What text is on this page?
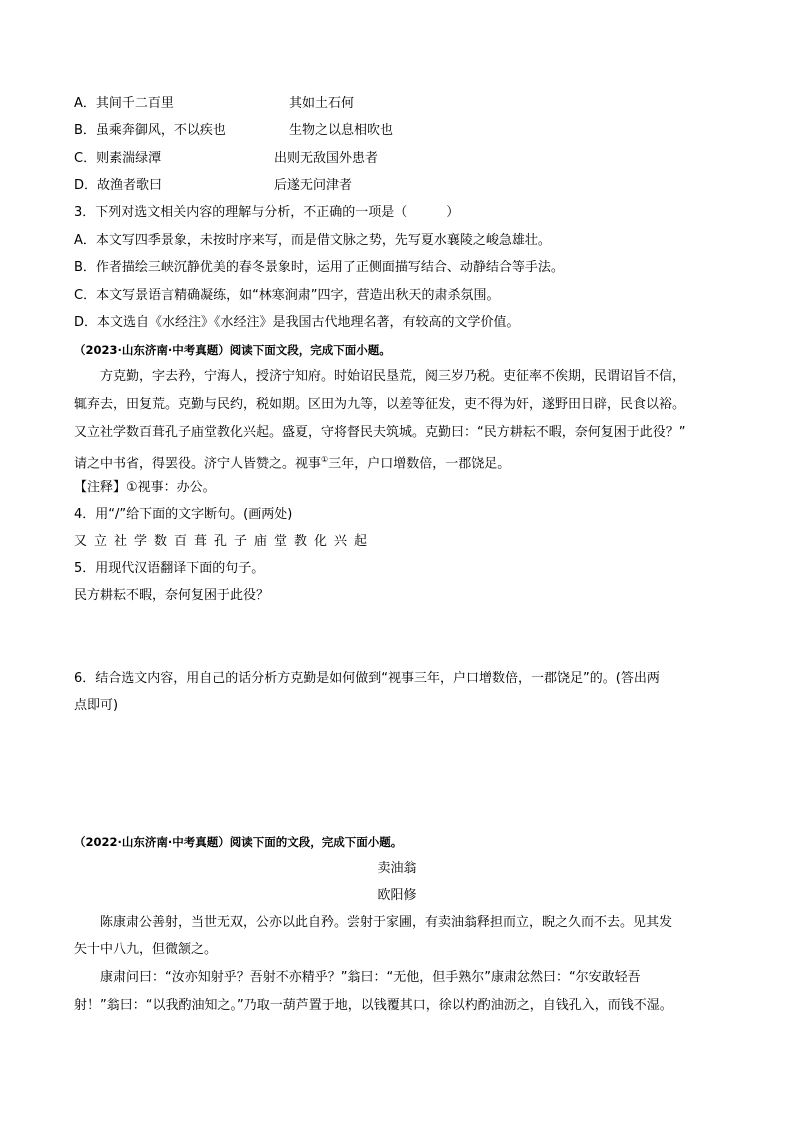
A．其间千二百里	其如土石何
B．虽乘奔御风，不以疾也	生物之以息相吹也
C．则素湍绿潭	出则无敌国外患者
D．故渔者歌曰	后遂无问津者
3．下列对选文相关内容的理解与分析，不正确的一项是（　　　）
A．本文写四季景象，未按时序来写，而是借文脉之势，先写夏水襄陵之峻急雄壮。
B．作者描绘三峡沉静优美的春冬景象时，运用了正侧面描写结合、动静结合等手法。
C．本文写景语言精确凝练，如“林寒涧肃”四字，营造出秋天的肃杀氛围。
D．本文选自《水经注》《水经注》是我国古代地理名著，有较高的文学价值。
（2023·山东济南·中考真题）阅读下面文段，完成下面小题。
方克勤，字去矜，宁海人，授济宁知府。时始诏民垦荒，阅三岁乃税。吏征率不俟期，民谓诏旨不信，
辄弃去，田复荒。克勤与民约，税如期。区田为九等，以差等征发，吏不得为奸，遂野田日辟，民食以裕。
又立社学数百葺孔子庙堂教化兴起。盛夏，守将督民夫筑城。克勤曰：“民方耕耘不暇，奈何复困于此役？”
请之中书省，得罢役。济宁人皆赞之。视事①三年，户口增数倍，一郡饶足。
【注释】①视事：办公。
4．用“/”给下面的文字断句。(画两处)
又立社学数百葺孔子庙堂教化兴起
5．用现代汉语翻译下面的句子。
民方耕耘不暇，奈何复困于此役？
6．结合选文内容，用自己的话分析方克勤是如何做到“视事三年，户口增数倍，一郡饶足”的。(答出两
点即可)
（2022·山东济南·中考真题）阅读下面的文段，完成下面小题。
卖油翁
欧阳修
陈康肃公善射，当世无双，公亦以此自矜。尝射于家圃，有卖油翁释担而立，睨之久而不去。见其发
矢十中八九，但微颔之。
康肃问曰：“汝亦知射乎？吾射不亦精乎？”翁曰：“无他，但手熟尔”康肃忿然曰：“尔安敢轻吾
射！”翁曰：“以我酌油知之。”乃取一葫芦置于地，以钱覆其口，徐以杓酌油沥之，自钱孔入，而钱不湿。
